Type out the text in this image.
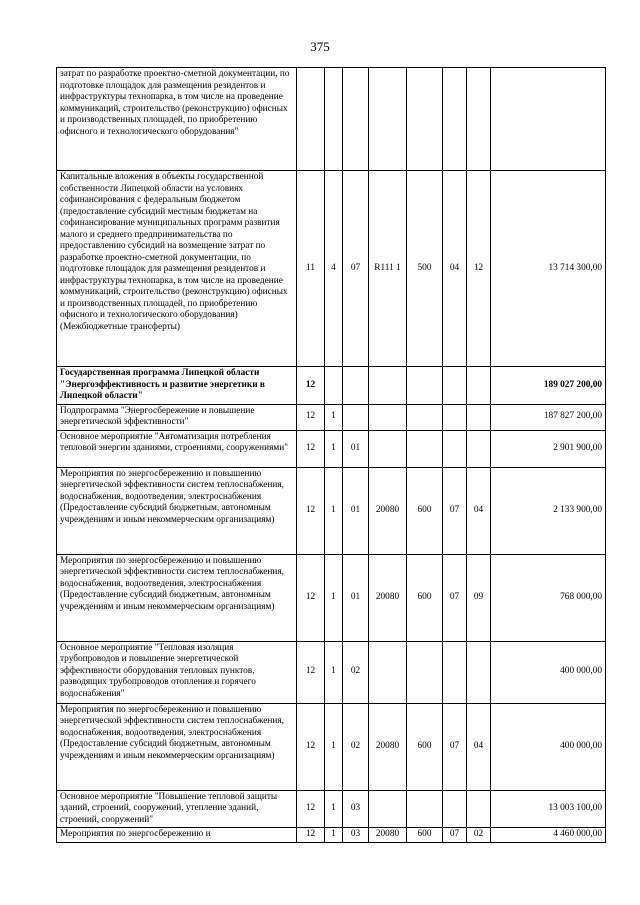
375
затрат по разработке проектно-сметной документации, по подготовке площадок для размещения резидентов и инфраструктуры технопарка, в том числе на проведение коммуникаций, строительство (реконструкцию) офисных и производственных площадей, по приобретению офисного и технологического оборудования"								
Капитальные вложения в объекты государственной собственности Липецкой области на условиях софинансирования с федеральным бюджетом (предоставление субсидий местным бюджетам на софинансирование муниципальных программ развития малого и среднего предпринимательства по предоставлению субсидий на возмещение затрат по разработке проектно-сметной документации, по подготовке площадок для размещения резидентов и инфраструктуры технопарка, в том числе на проведение коммуникаций, строительство (реконструкцию) офисных и производственных площадей, по приобретению офисного и технологического оборудования) (Межбюджетные трансферты)	11	4	07	R111 1	500	04	12	13 714 300,00
Государственная программа Липецкой области "Энергоэффективность и развитие энергетики в Липецкой области"	12							189 027 200,00
Подпрограмма "Энергосбережение и повышение энергетической эффективности"	12	1						187 827 200,00
Основное мероприятие "Автоматизация потребления тепловой энергии зданиями, строениями, сооружениями"	12	1	01					2 901 900,00
Мероприятия по энергосбережению и повышению энергетической эффективности систем теплоснабжения, водоснабжения, водоотведения, электроснабжения (Предоставление субсидий бюджетным, автономным учреждениям и иным некоммерческим организациям)	12	1	01	20080	600	07	04	2 133 900,00
Мероприятия по энергосбережению и повышению энергетической эффективности систем теплоснабжения, водоснабжения, водоотведения, электроснабжения (Предоставление субсидий бюджетным, автономным учреждениям и иным некоммерческим организациям)	12	1	01	20080	600	07	09	768 000,00
Основное мероприятие "Тепловая изоляция трубопроводов и повышение энергетической эффективности оборудования тепловых пунктов, разводящих трубопроводов отопления и горячего водоснабжения"	12	1	02					400 000,00
Мероприятия по энергосбережению и повышению энергетической эффективности систем теплоснабжения, водоснабжения, водоотведения, электроснабжения (Предоставление субсидий бюджетным, автономным учреждениям и иным некоммерческим организациям)	12	1	02	20080	600	07	04	400 000,00
Основное мероприятие "Повышение тепловой защиты зданий, строений, сооружений, утепление зданий, строений, сооружений"	12	1	03					13 003 100,00
Мероприятия по энергосбережению и	12	1	03	20080	600	07	02	4 460 000,00
